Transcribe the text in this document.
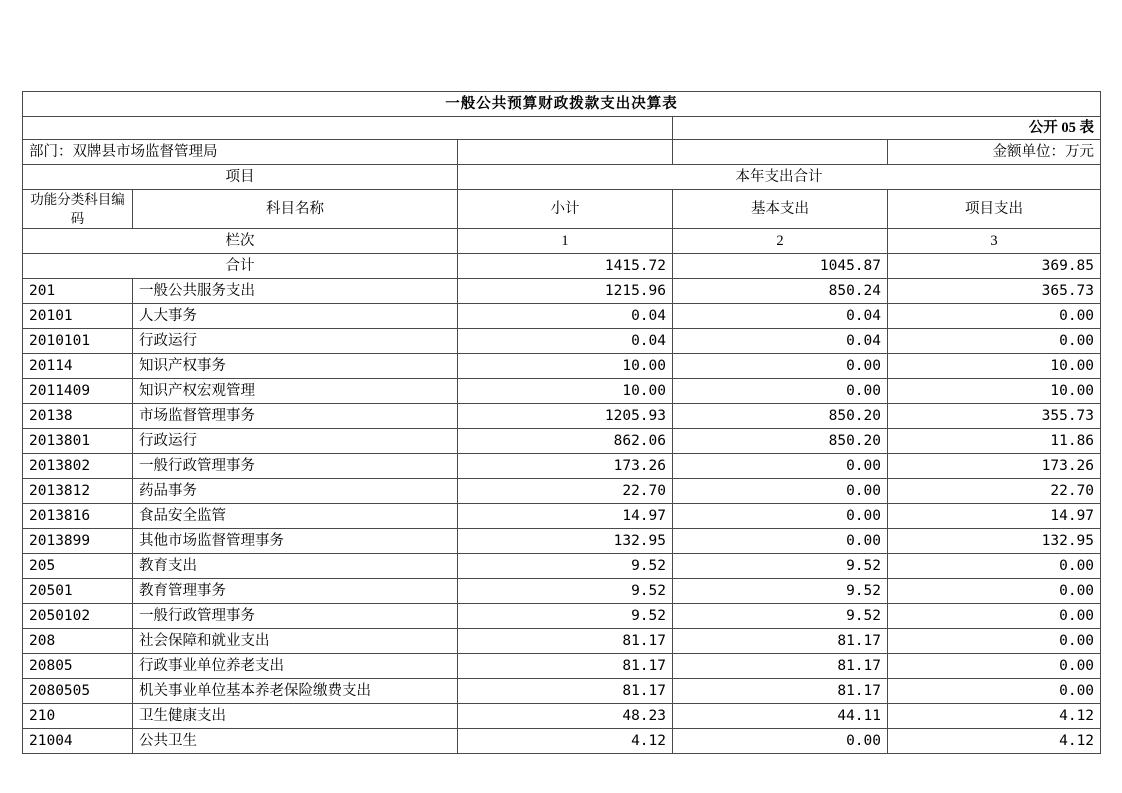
一般公共预算财政拨款支出决算表				
			公开 05 表	
部门：双牌县市场监督管理局				金额单位：万元
项目		本年支出合计		
功能分类科目编码	科目名称	小计	基本支出	项目支出
栏次		1	2	3
合计		1415.72	1045.87	369.85
201	一般公共服务支出	1215.96	850.24	365.73
20101	人大事务	0.04	0.04	0.00
2010101	行政运行	0.04	0.04	0.00
20114	知识产权事务	10.00	0.00	10.00
2011409	知识产权宏观管理	10.00	0.00	10.00
20138	市场监督管理事务	1205.93	850.20	355.73
2013801	行政运行	862.06	850.20	11.86
2013802	一般行政管理事务	173.26	0.00	173.26
2013812	药品事务	22.70	0.00	22.70
2013816	食品安全监管	14.97	0.00	14.97
2013899	其他市场监督管理事务	132.95	0.00	132.95
205	教育支出	9.52	9.52	0.00
20501	教育管理事务	9.52	9.52	0.00
2050102	一般行政管理事务	9.52	9.52	0.00
208	社会保障和就业支出	81.17	81.17	0.00
20805	行政事业单位养老支出	81.17	81.17	0.00
2080505	机关事业单位基本养老保险缴费支出	81.17	81.17	0.00
210	卫生健康支出	48.23	44.11	4.12
21004	公共卫生	4.12	0.00	4.12
